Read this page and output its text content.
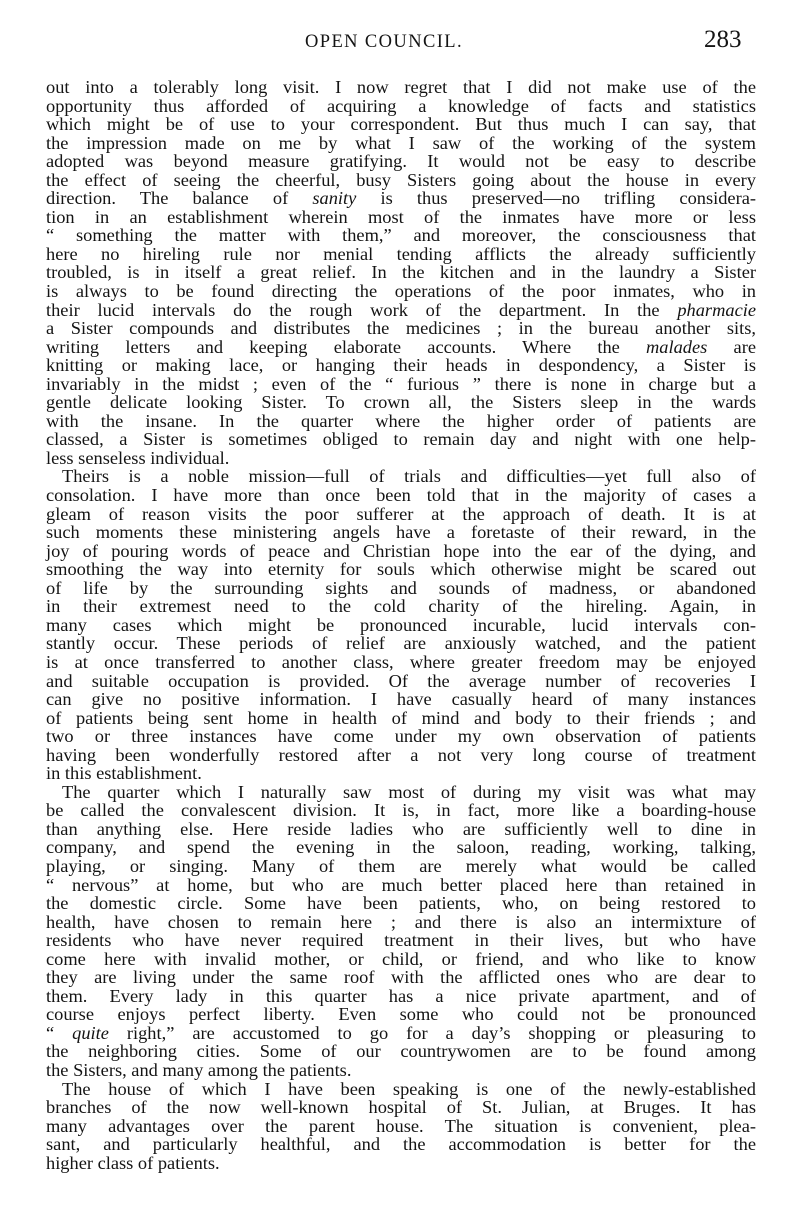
OPEN COUNCIL.	283

out into a tolerably long visit. I now regret that I did not make use of the
opportunity thus afforded of acquiring a knowledge of facts and statistics
which might be of use to your correspondent. But thus much I can say, that
the impression made on me by what I saw of the working of the system
adopted was beyond measure gratifying. It would not be easy to describe
the effect of seeing the cheerful, busy Sisters going about the house in every
direction. The balance of sanity is thus preserved—no trifling considera-
tion in an establishment wherein most of the inmates have more or less
“ something the matter with them,” and moreover, the consciousness that
here no hireling rule nor menial tending afflicts the already sufficiently
troubled, is in itself a great relief. In the kitchen and in the laundry a Sister
is always to be found directing the operations of the poor inmates, who in
their lucid intervals do the rough work of the department. In the pharmacie
a Sister compounds and distributes the medicines ; in the bureau another sits,
writing letters and keeping elaborate accounts. Where the malades are
knitting or making lace, or hanging their heads in despondency, a Sister is
invariably in the midst ; even of the “ furious ” there is none in charge but a
gentle delicate looking Sister. To crown all, the Sisters sleep in the wards
with the insane. In the quarter where the higher order of patients are
classed, a Sister is sometimes obliged to remain day and night with one help-
less senseless individual.

Theirs is a noble mission—full of trials and difficulties—yet full also of
consolation. I have more than once been told that in the majority of cases a
gleam of reason visits the poor sufferer at the approach of death. It is at
such moments these ministering angels have a foretaste of their reward, in the
joy of pouring words of peace and Christian hope into the ear of the dying, and
smoothing the way into eternity for souls which otherwise might be scared out
of life by the surrounding sights and sounds of madness, or abandoned
in their extremest need to the cold charity of the hireling. Again, in
many cases which might be pronounced incurable, lucid intervals con-
stantly occur. These periods of relief are anxiously watched, and the patient
is at once transferred to another class, where greater freedom may be enjoyed
and suitable occupation is provided. Of the average number of recoveries I
can give no positive information. I have casually heard of many instances
of patients being sent home in health of mind and body to their friends ; and
two or three instances have come under my own observation of patients
having been wonderfully restored after a not very long course of treatment
in this establishment.

The quarter which I naturally saw most of during my visit was what may
be called the convalescent division. It is, in fact, more like a boarding-house
than anything else. Here reside ladies who are sufficiently well to dine in
company, and spend the evening in the saloon, reading, working, talking,
playing, or singing. Many of them are merely what would be called
“ nervous” at home, but who are much better placed here than retained in
the domestic circle. Some have been patients, who, on being restored to
health, have chosen to remain here ; and there is also an intermixture of
residents who have never required treatment in their lives, but who have
come here with invalid mother, or child, or friend, and who like to know
they are living under the same roof with the afflicted ones who are dear to
them. Every lady in this quarter has a nice private apartment, and of
course enjoys perfect liberty. Even some who could not be pronounced
“ quite right,” are accustomed to go for a day’s shopping or pleasuring to
the neighboring cities. Some of our countrywomen are to be found among
the Sisters, and many among the patients.

The house of which I have been speaking is one of the newly-established
branches of the now well-known hospital of St. Julian, at Bruges. It has
many advantages over the parent house. The situation is convenient, plea-
sant, and particularly healthful, and the accommodation is better for the
higher class of patients.
